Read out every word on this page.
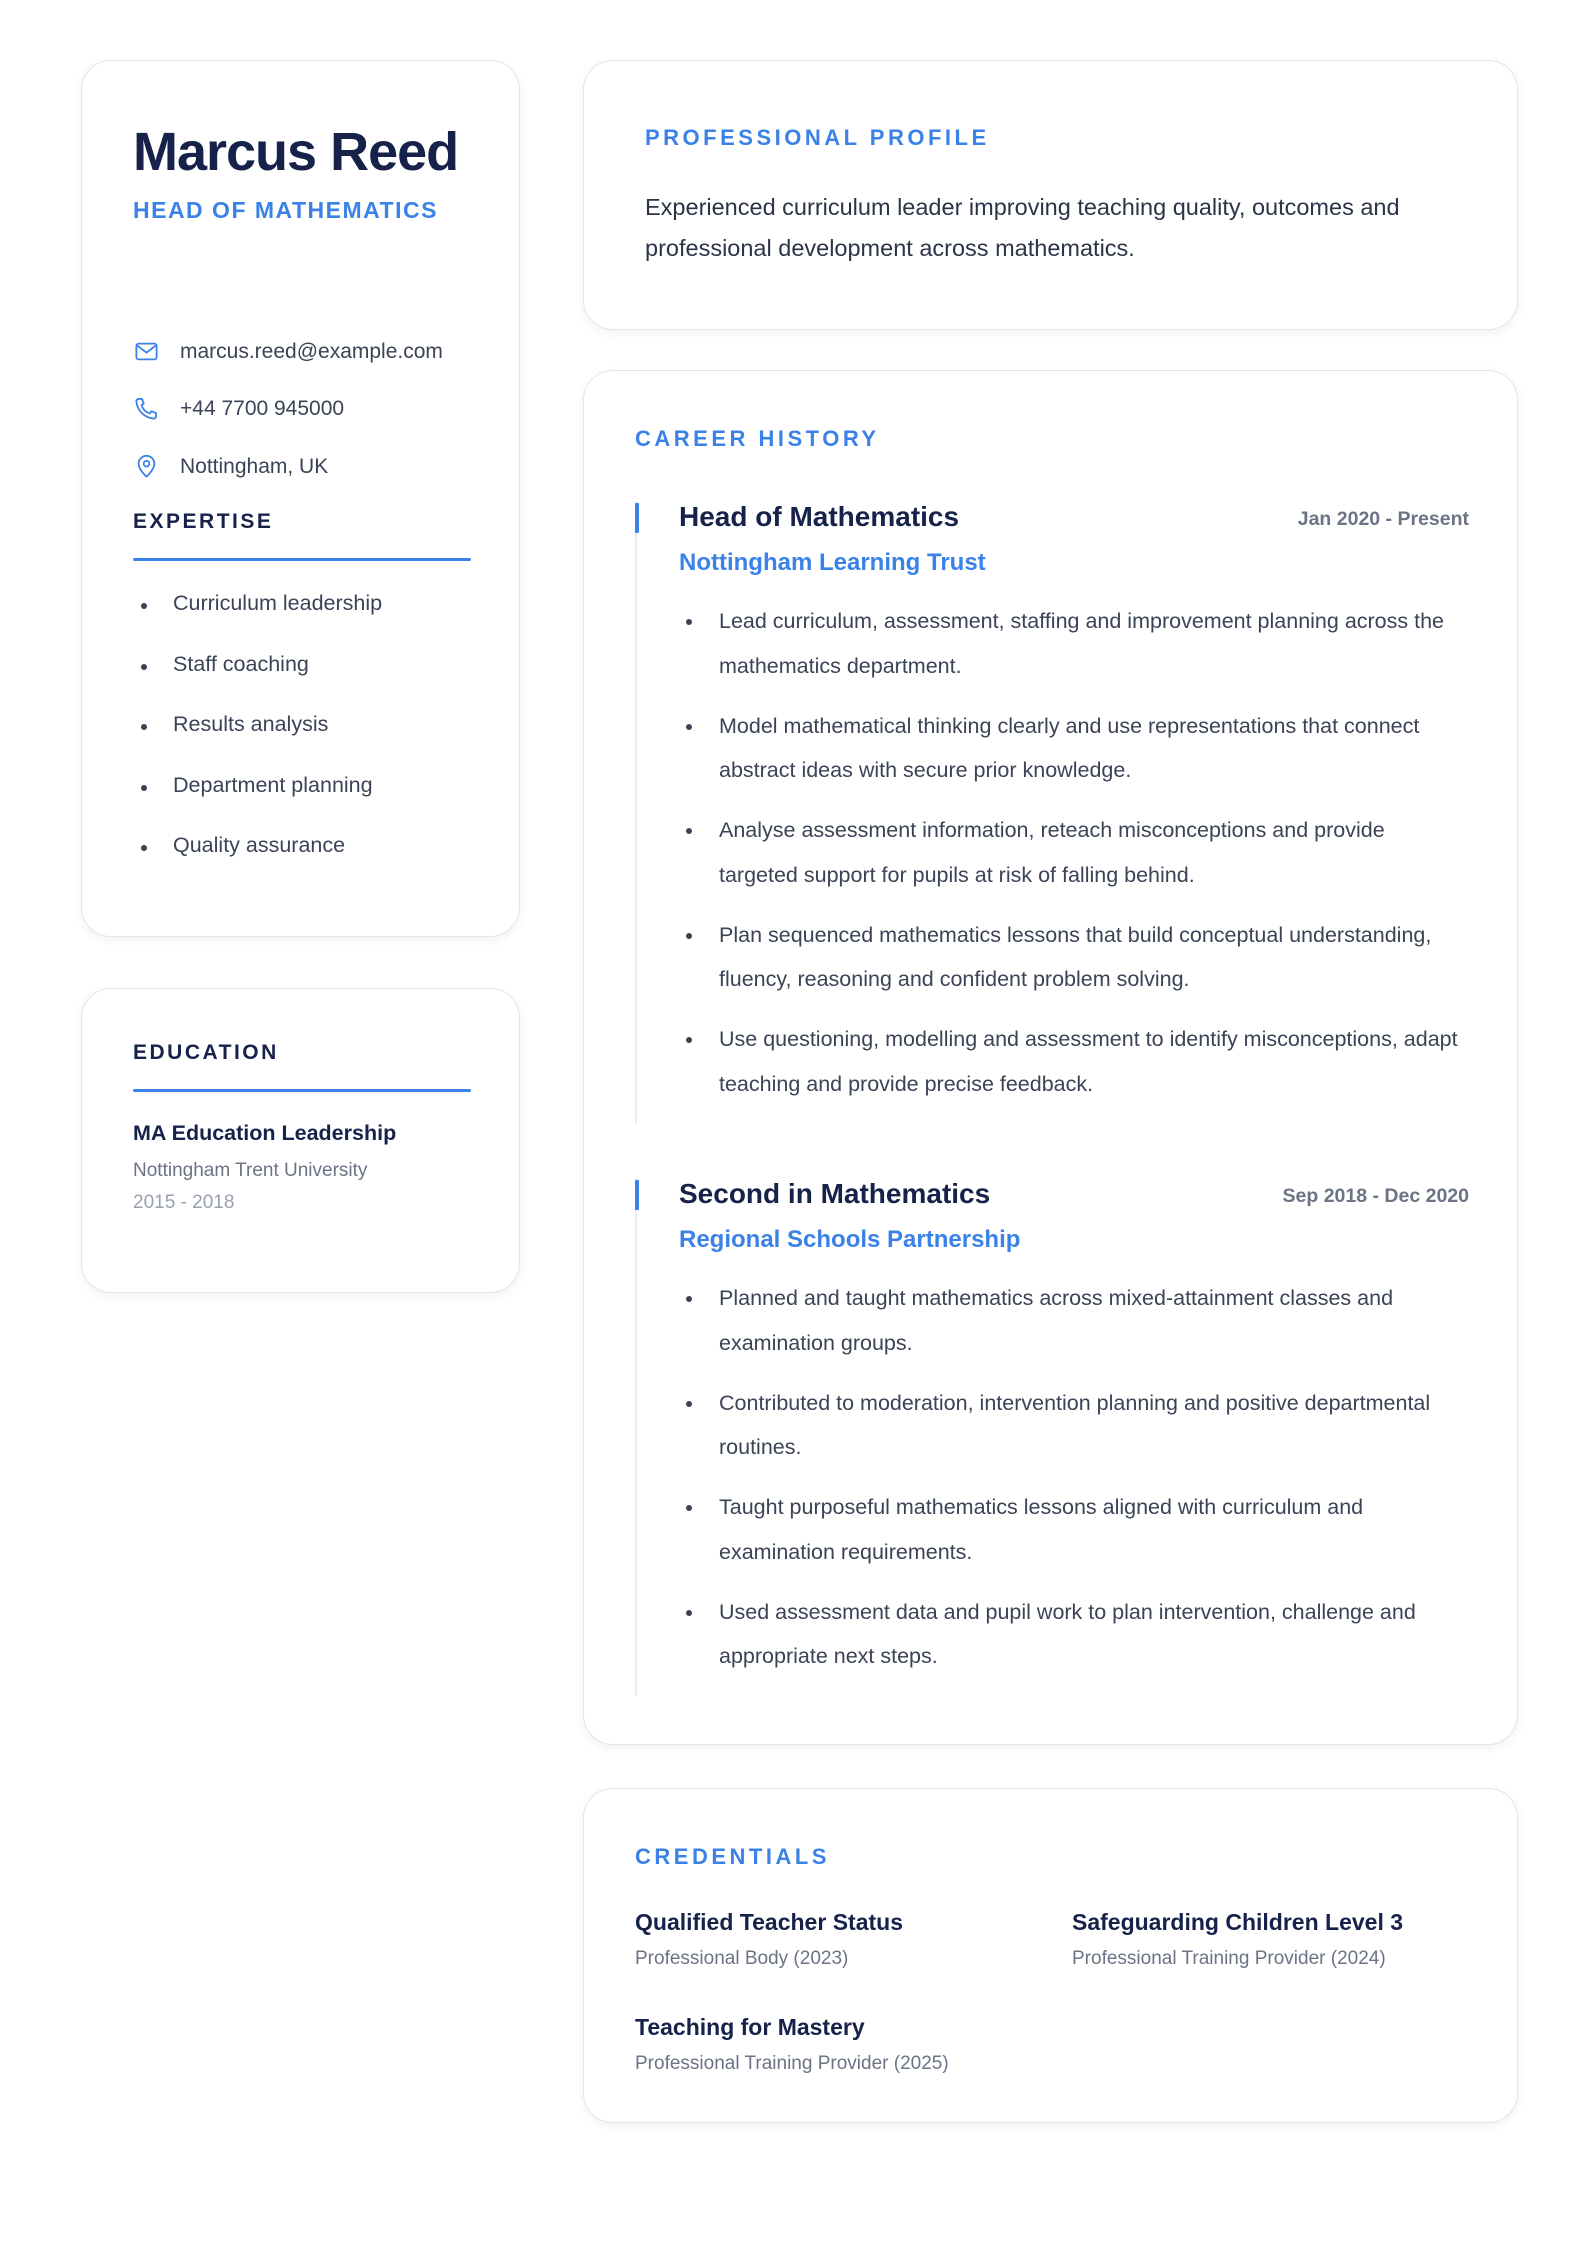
Marcus Reed
HEAD OF MATHEMATICS
marcus.reed@example.com
+44 7700 945000
Nottingham, UK
EXPERTISE
Curriculum leadership
Staff coaching
Results analysis
Department planning
Quality assurance
EDUCATION
MA Education Leadership
Nottingham Trent University
2015 - 2018
PROFESSIONAL PROFILE
Experienced curriculum leader improving teaching quality, outcomes and professional development across mathematics.
CAREER HISTORY
Head of Mathematics	Jan 2020 - Present
Nottingham Learning Trust
Lead curriculum, assessment, staffing and improvement planning across the mathematics department.
Model mathematical thinking clearly and use representations that connect abstract ideas with secure prior knowledge.
Analyse assessment information, reteach misconceptions and provide targeted support for pupils at risk of falling behind.
Plan sequenced mathematics lessons that build conceptual understanding, fluency, reasoning and confident problem solving.
Use questioning, modelling and assessment to identify misconceptions, adapt teaching and provide precise feedback.
Second in Mathematics	Sep 2018 - Dec 2020
Regional Schools Partnership
Planned and taught mathematics across mixed-attainment classes and examination groups.
Contributed to moderation, intervention planning and positive departmental routines.
Taught purposeful mathematics lessons aligned with curriculum and examination requirements.
Used assessment data and pupil work to plan intervention, challenge and appropriate next steps.
CREDENTIALS
Qualified Teacher Status
Professional Body (2023)
Safeguarding Children Level 3
Professional Training Provider (2024)
Teaching for Mastery
Professional Training Provider (2025)
